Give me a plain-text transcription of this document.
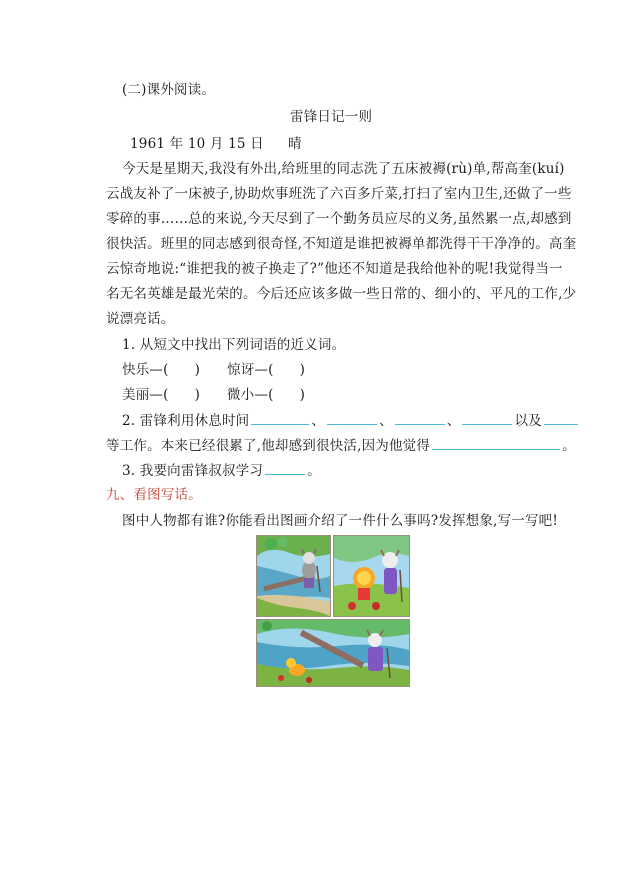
(二)课外阅读。
雷锋日记一则
1961 年 10 月 15 日 晴
今天是星期天,我没有外出,给班里的同志洗了五床被褥(rù)单,帮高奎(kuí)
云战友补了一床被子,协助炊事班洗了六百多斤菜,打扫了室内卫生,还做了一些
零碎的事……总的来说,今天尽到了一个勤务员应尽的义务,虽然累一点,却感到
很快活。班里的同志感到很奇怪,不知道是谁把被褥单都洗得干干净净的。高奎
云惊奇地说:“谁把我的被子换走了?”他还不知道是我给他补的呢!我觉得当一
名无名英雄是最光荣的。今后还应该多做一些日常的、细小的、平凡的工作,少
说漂亮话。
1. 从短文中找出下列词语的近义词。
快乐—( ) 惊讶—( )
美丽—( ) 微小—( )
2. 雷锋利用休息时间	、	、	、	以及
等工作。本来已经很累了,他却感到很快活,因为他觉得	。
3. 我要向雷锋叔叔学习	。
九、看图写话。
图中人物都有谁?你能看出图画介绍了一件什么事吗?发挥想象,写一写吧!
